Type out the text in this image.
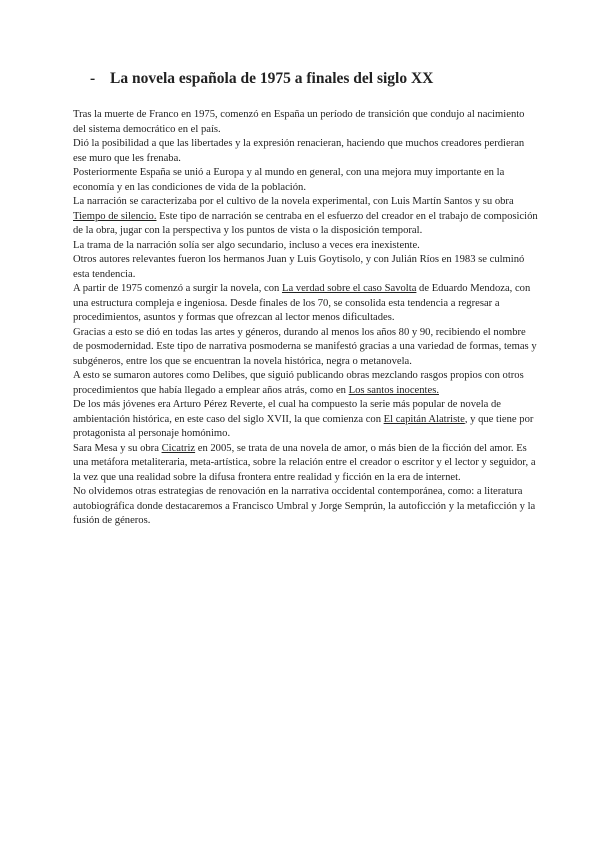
- La novela española de 1975 a finales del siglo XX

Tras la muerte de Franco en 1975, comenzó en España un período de transición que condujo al nacimiento del sistema democrático en el país.

Dió la posibilidad a que las libertades y la expresión renacieran, haciendo que muchos creadores perdieran ese muro que les frenaba.

Posteriormente España se unió a Europa y al mundo en general, con una mejora muy importante en la economía y en las condiciones de vida de la población.

La narración se caracterizaba por el cultivo de la novela experimental, con Luis Martín Santos y su obra Tiempo de silencio. Este tipo de narración se centraba en el esfuerzo del creador en el trabajo de composición de la obra, jugar con la perspectiva y los puntos de vista o la disposición temporal.

La trama de la narración solía ser algo secundario, incluso a veces era inexistente.

Otros autores relevantes fueron los hermanos Juan y Luis Goytisolo, y con Julián Ríos en 1983 se culminó esta tendencia.

A partir de 1975 comenzó a surgir la novela, con La verdad sobre el caso Savolta de Eduardo Mendoza, con una estructura compleja e ingeniosa. Desde finales de los 70, se consolida esta tendencia a regresar a procedimientos, asuntos y formas que ofrezcan al lector menos dificultades.

Gracias a esto se dió en todas las artes y géneros, durando al menos los años 80 y 90, recibiendo el nombre de posmodernidad. Este tipo de narrativa posmoderna se manifestó gracias a una variedad de formas, temas y subgéneros, entre los que se encuentran la novela histórica, negra o metanovela.

A esto se sumaron autores como Delibes, que siguió publicando obras mezclando rasgos propios con otros procedimientos que había llegado a emplear años atrás, como en Los santos inocentes.

De los más jóvenes era Arturo Pérez Reverte, el cual ha compuesto la serie más popular de novela de ambientación histórica, en este caso del siglo XVII, la que comienza con El capitán Alatriste, y que tiene por protagonista al personaje homónimo.

Sara Mesa y su obra Cicatriz en 2005, se trata de una novela de amor, o más bien de la ficción del amor. Es una metáfora metaliteraria, meta-artística, sobre la relación entre el creador o escritor y el lector y seguidor, a la vez que una realidad sobre la difusa frontera entre realidad y ficción en la era de internet.

No olvidemos otras estrategias de renovación en la narrativa occidental contemporánea, como: a literatura autobiográfica donde destacaremos a Francisco Umbral y Jorge Semprún, la autoficción y la metaficción y la fusión de géneros.
